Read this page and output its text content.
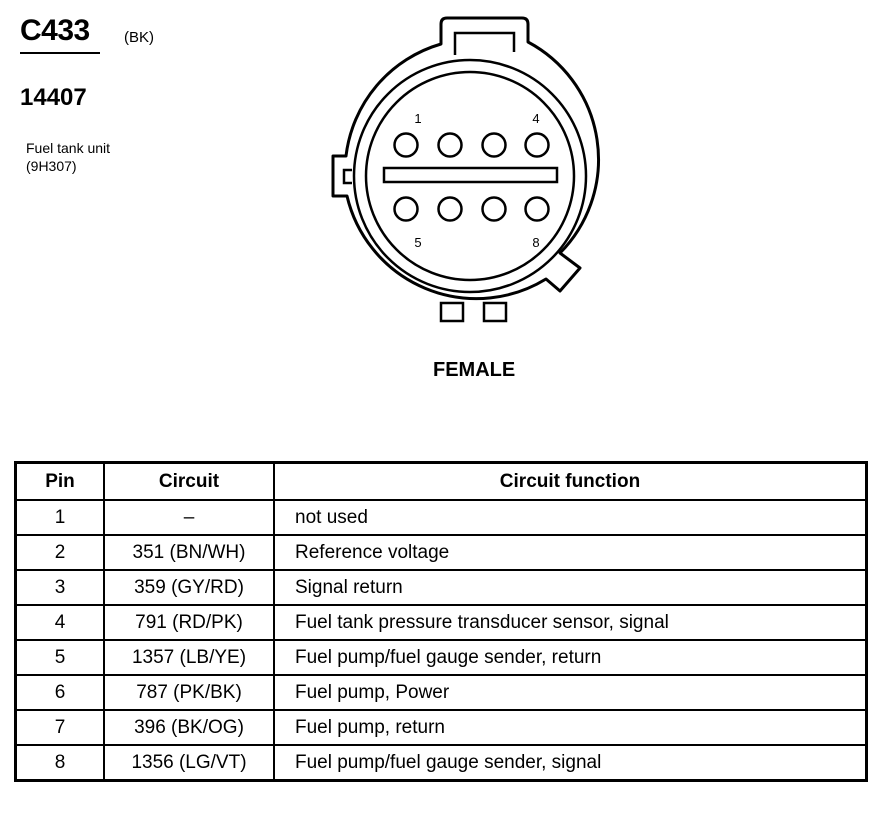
C433 (BK)
14407
Fuel tank unit
(9H307)
1	4
5	8
FEMALE
Pin	Circuit	Circuit function
1	–	not used
2	351 (BN/WH)	Reference voltage
3	359 (GY/RD)	Signal return
4	791 (RD/PK)	Fuel tank pressure transducer sensor, signal
5	1357 (LB/YE)	Fuel pump/fuel gauge sender, return
6	787 (PK/BK)	Fuel pump, Power
7	396 (BK/OG)	Fuel pump, return
8	1356 (LG/VT)	Fuel pump/fuel gauge sender, signal
